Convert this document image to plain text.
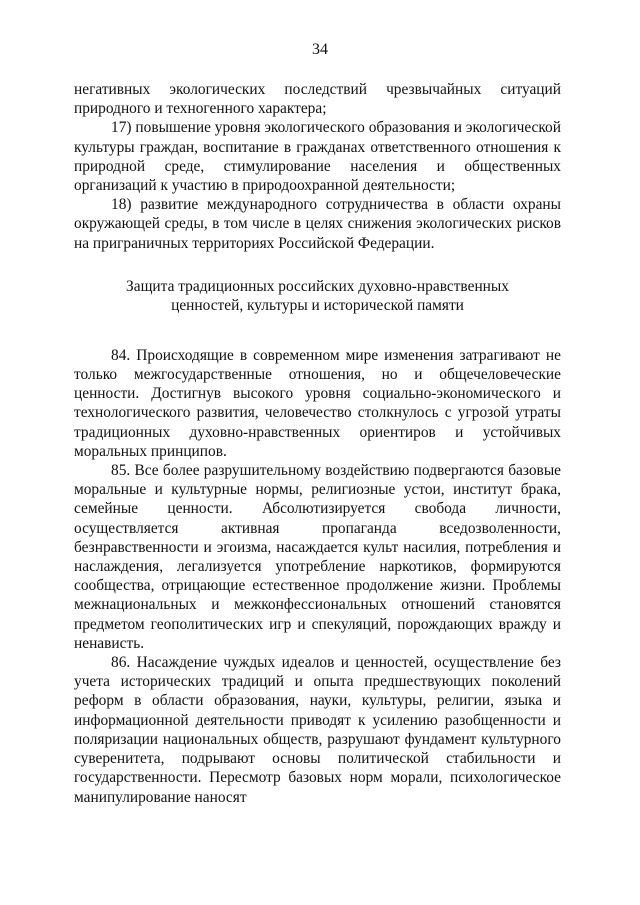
34

негативных экологических последствий чрезвычайных ситуаций природного и техногенного характера;

17) повышение уровня экологического образования и экологической культуры граждан, воспитание в гражданах ответственного отношения к природной среде, стимулирование населения и общественных организаций к участию в природоохранной деятельности;

18) развитие международного сотрудничества в области охраны окружающей среды, в том числе в целях снижения экологических рисков на приграничных территориях Российской Федерации.

Защита традиционных российских духовно-нравственных
ценностей, культуры и исторической памяти

84. Происходящие в современном мире изменения затрагивают не только межгосударственные отношения, но и общечеловеческие ценности. Достигнув высокого уровня социально-экономического и технологического развития, человечество столкнулось с угрозой утраты традиционных духовно-нравственных ориентиров и устойчивых моральных принципов.

85. Все более разрушительному воздействию подвергаются базовые моральные и культурные нормы, религиозные устои, институт брака, семейные ценности. Абсолютизируется свобода личности, осуществляется активная пропаганда вседозволенности, безнравственности и эгоизма, насаждается культ насилия, потребления и наслаждения, легализуется употребление наркотиков, формируются сообщества, отрицающие естественное продолжение жизни. Проблемы межнациональных и межконфессиональных отношений становятся предметом геополитических игр и спекуляций, порождающих вражду и ненависть.

86. Насаждение чуждых идеалов и ценностей, осуществление без учета исторических традиций и опыта предшествующих поколений реформ в области образования, науки, культуры, религии, языка и информационной деятельности приводят к усилению разобщенности и поляризации национальных обществ, разрушают фундамент культурного суверенитета, подрывают основы политической стабильности и государственности. Пересмотр базовых норм морали, психологическое манипулирование наносят
